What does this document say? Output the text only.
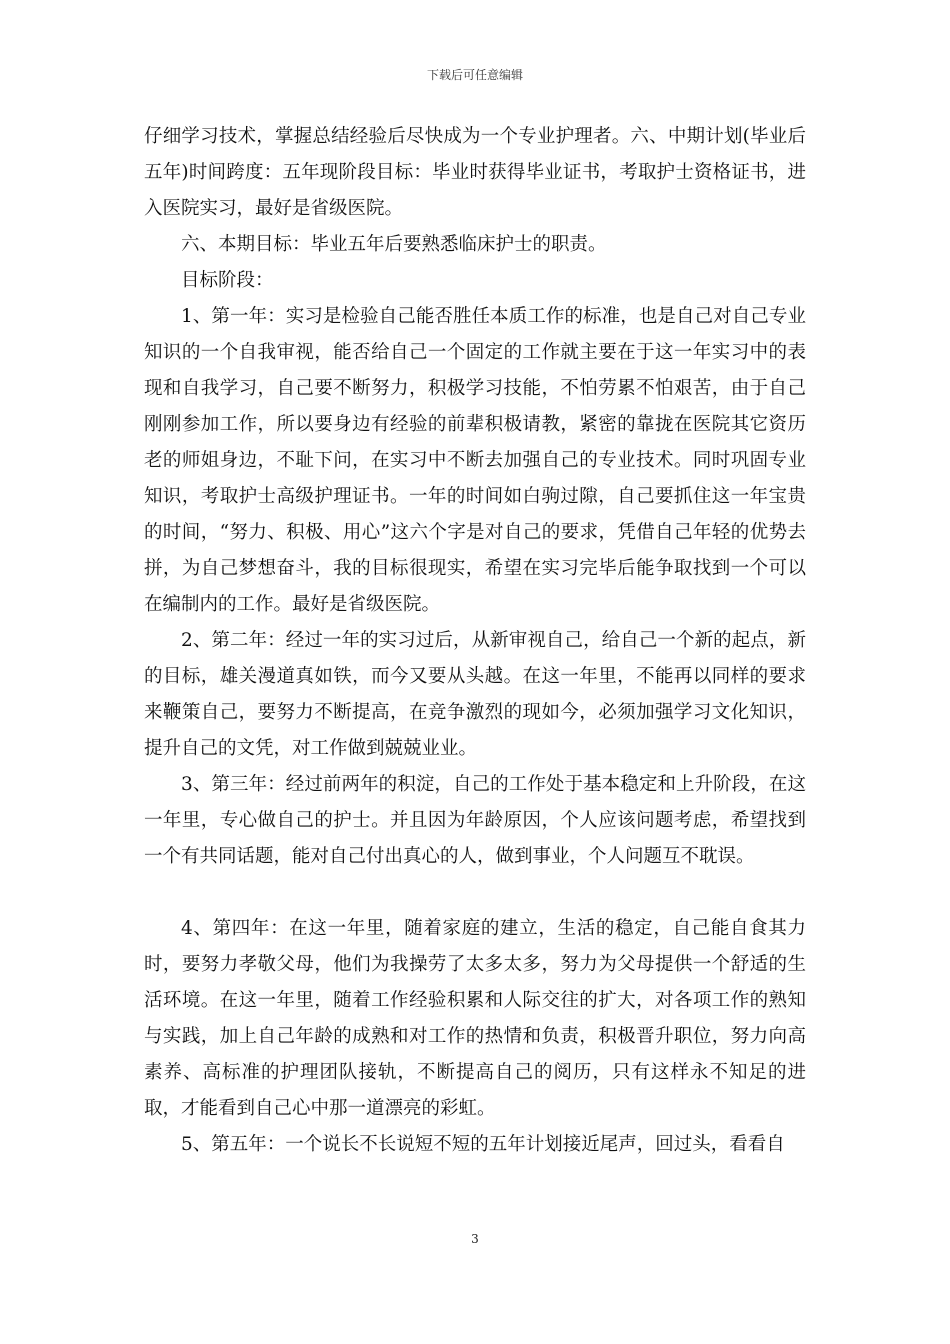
下载后可任意编辑

仔细学习技术，掌握总结经验后尽快成为一个专业护理者。六、中期计划(毕业后五年)时间跨度：五年现阶段目标：毕业时获得毕业证书，考取护士资格证书，进入医院实习，最好是省级医院。

六、本期目标：毕业五年后要熟悉临床护士的职责。

目标阶段：

1、第一年：实习是检验自己能否胜任本质工作的标准，也是自己对自己专业知识的一个自我审视，能否给自己一个固定的工作就主要在于这一年实习中的表现和自我学习，自己要不断努力，积极学习技能，不怕劳累不怕艰苦，由于自己刚刚参加工作，所以要身边有经验的前辈积极请教，紧密的靠拢在医院其它资历老的师姐身边，不耻下问，在实习中不断去加强自己的专业技术。同时巩固专业知识，考取护士高级护理证书。一年的时间如白驹过隙，自己要抓住这一年宝贵的时间，“努力、积极、用心”这六个字是对自己的要求，凭借自己年轻的优势去拼，为自己梦想奋斗，我的目标很现实，希望在实习完毕后能争取找到一个可以在编制内的工作。最好是省级医院。

2、第二年：经过一年的实习过后，从新审视自己，给自己一个新的起点，新的目标，雄关漫道真如铁，而今又要从头越。在这一年里，不能再以同样的要求来鞭策自己，要努力不断提高，在竞争激烈的现如今，必须加强学习文化知识，提升自己的文凭，对工作做到兢兢业业。

3、第三年：经过前两年的积淀，自己的工作处于基本稳定和上升阶段，在这一年里，专心做自己的护士。并且因为年龄原因，个人应该问题考虑，希望找到一个有共同话题，能对自己付出真心的人，做到事业，个人问题互不耽误。

4、第四年：在这一年里，随着家庭的建立，生活的稳定，自己能自食其力时，要努力孝敬父母，他们为我操劳了太多太多，努力为父母提供一个舒适的生活环境。在这一年里，随着工作经验积累和人际交往的扩大，对各项工作的熟知与实践，加上自己年龄的成熟和对工作的热情和负责，积极晋升职位，努力向高素养、高标准的护理团队接轨，不断提高自己的阅历，只有这样永不知足的进取，才能看到自己心中那一道漂亮的彩虹。

5、第五年：一个说长不长说短不短的五年计划接近尾声，回过头，看看自

3
